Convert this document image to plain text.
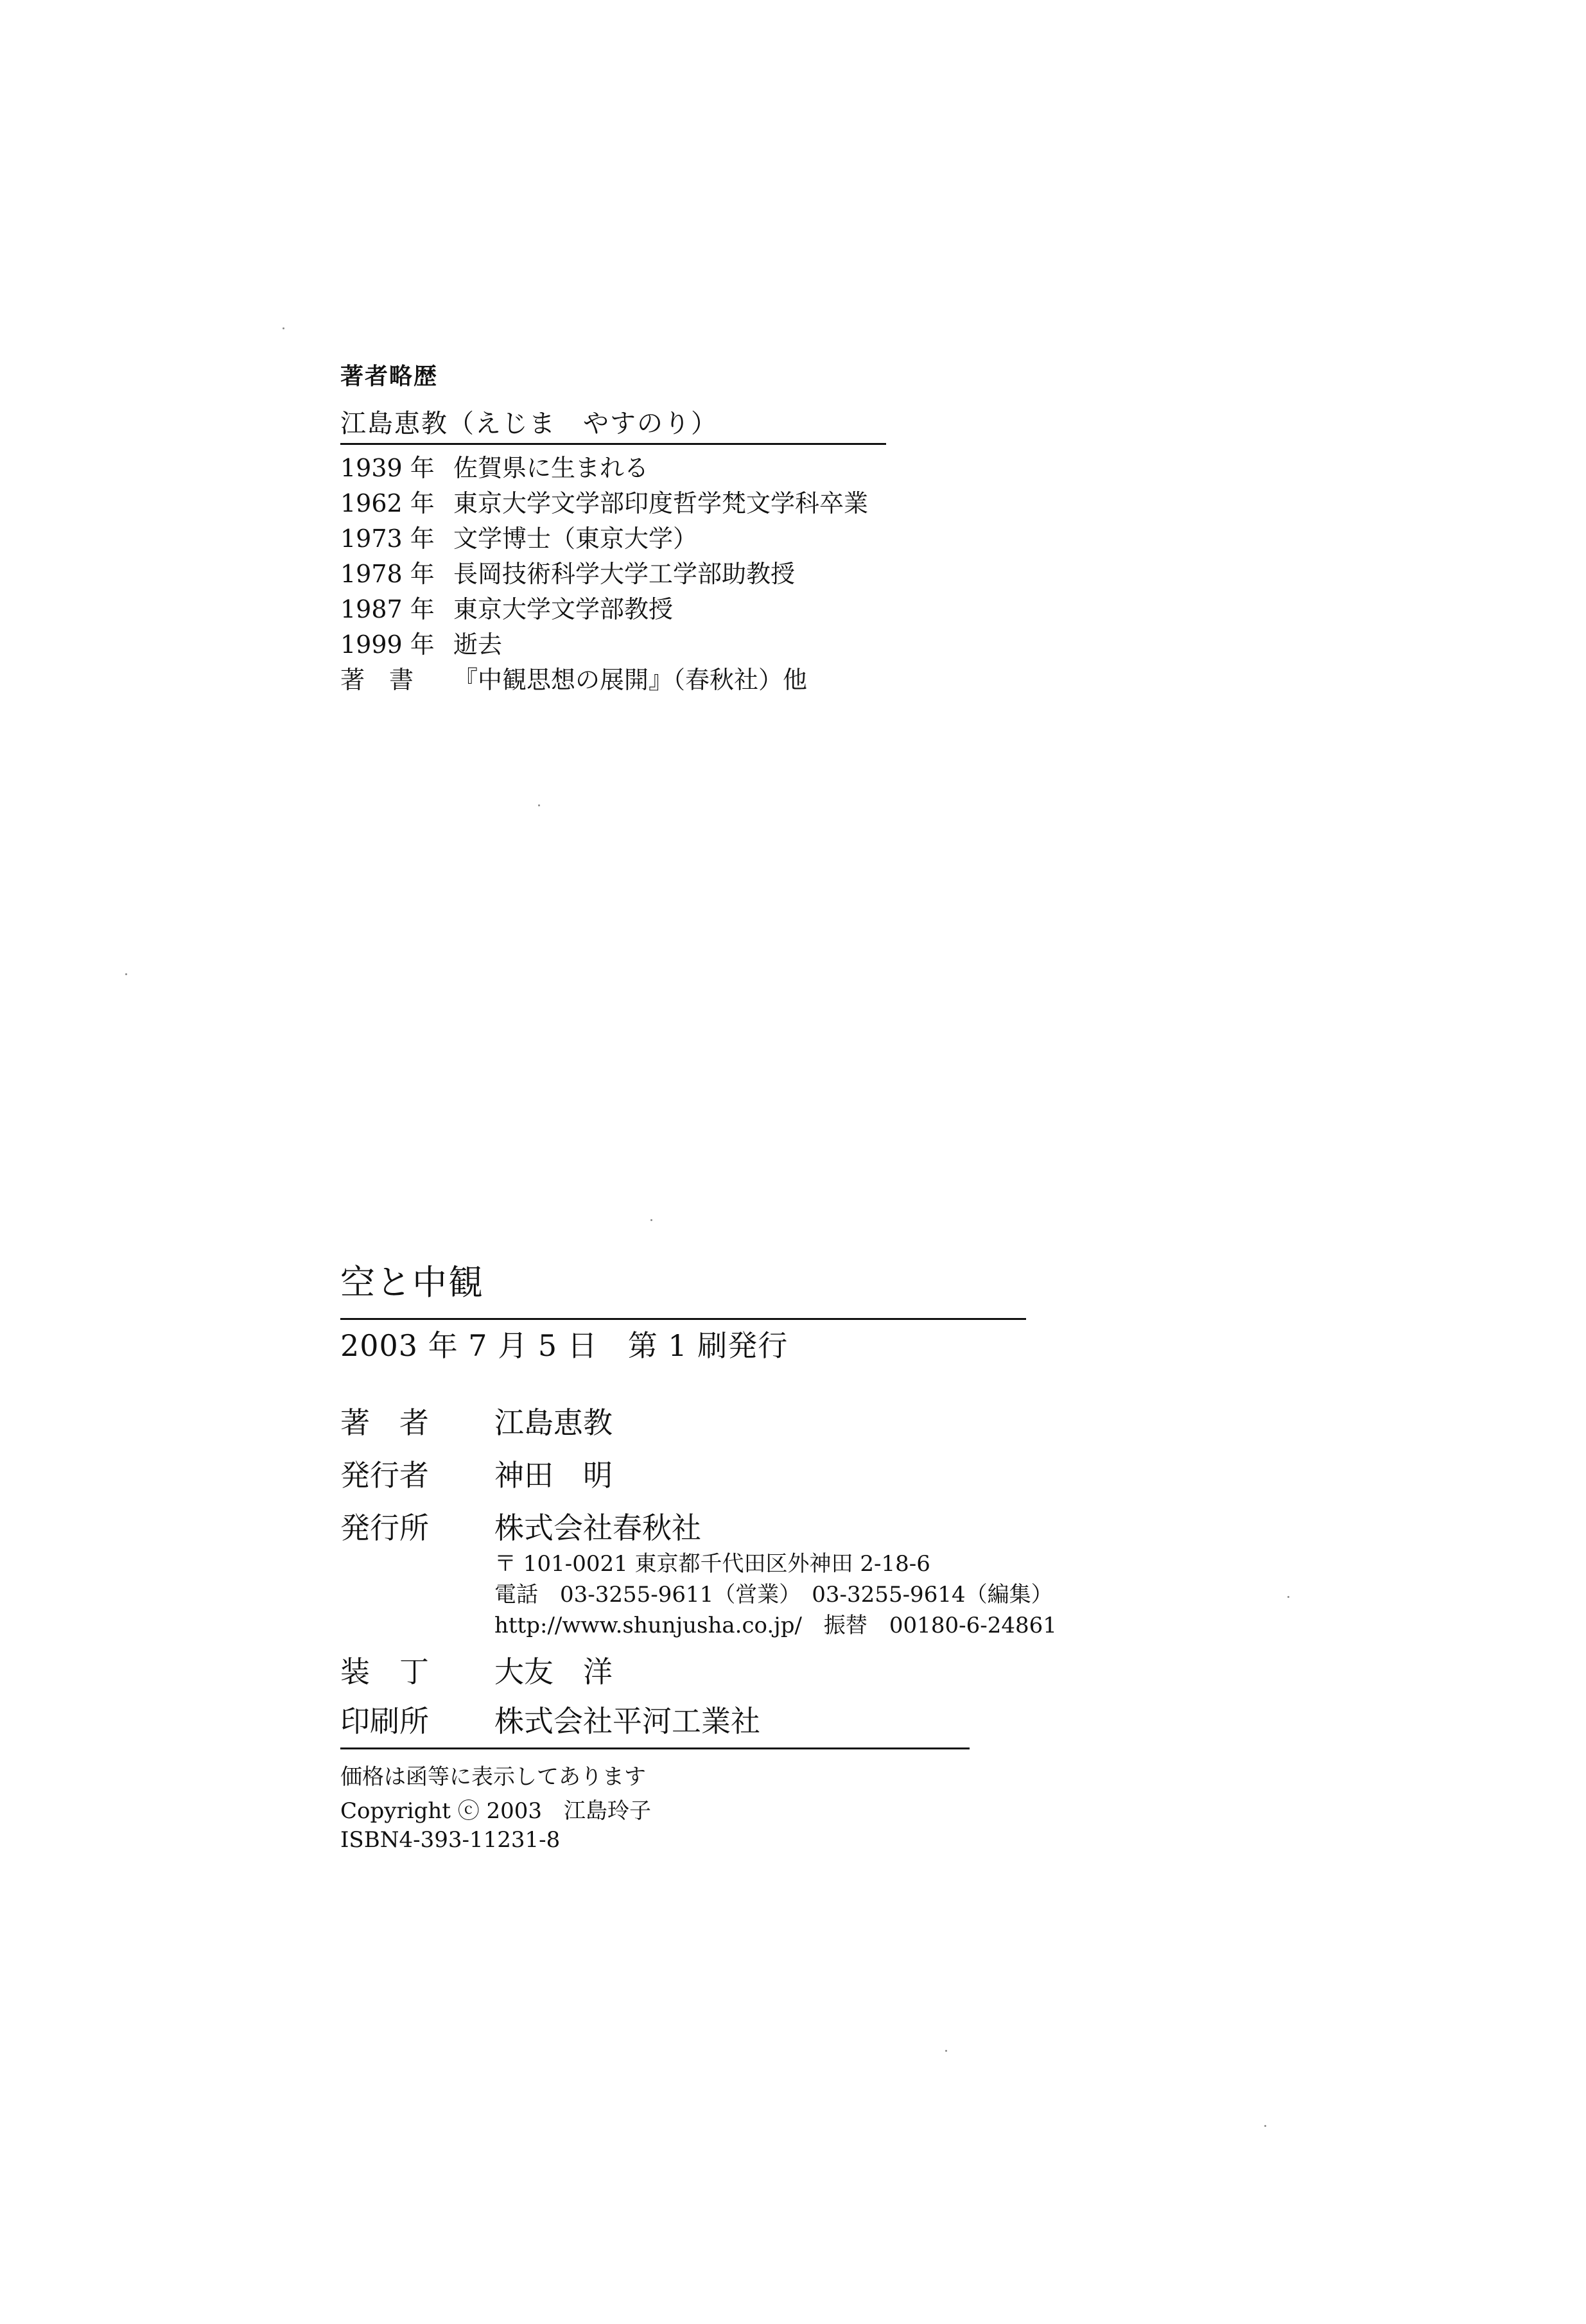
著者略歴
江島恵教（えじま　やすのり）
1939 年 佐賀県に生まれる
1962 年 東京大学文学部印度哲学梵文学科卒業
1973 年 文学博士（東京大学）
1978 年 長岡技術科学大学工学部助教授
1987 年 東京大学文学部教授
1999 年 逝去
著　書 『中観思想の展開』（春秋社）他
空と中観
2003 年 7 月 5 日　第 1 刷発行
著　者 江島恵教
発行者 神田　明
発行所 株式会社春秋社
〒 101-0021 東京都千代田区外神田 2-18-6
電話　03-3255-9611（営業）　03-3255-9614（編集）
http://www.shunjusha.co.jp/　振替　00180-6-24861
装　丁 大友　洋
印刷所 株式会社平河工業社
価格は函等に表示してあります
Copyright ⓒ 2003　江島玲子
ISBN4-393-11231-8
